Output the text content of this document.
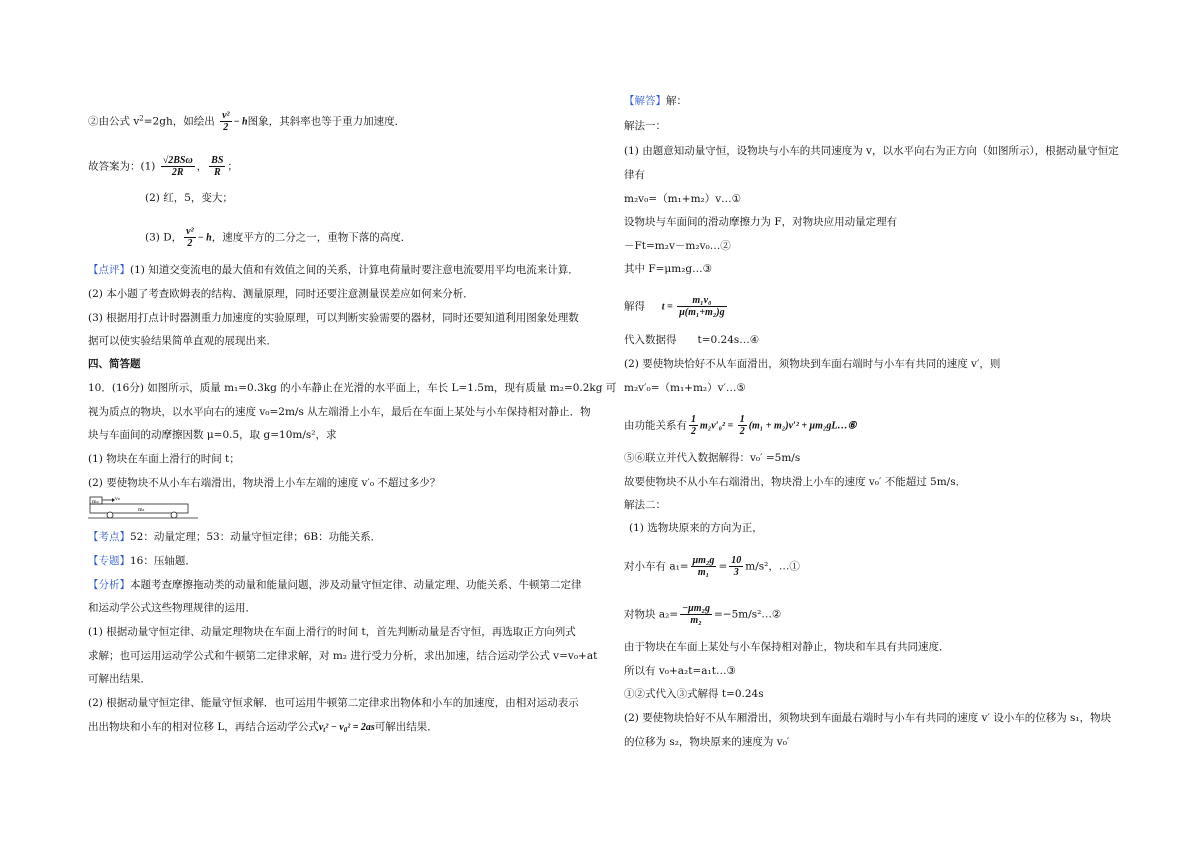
②由公式 $v^2=2gh$，如绘出 $\frac{\text{v²}}{2} - h$图象，其斜率也等于重力加速度．
故答案为：(1) √2BSω
2R	， $\frac{BS}{R}$ ；
(2) 红，5，变大；
(3) D， $\frac{\text{v²}}{2} - h$，速度平方的二分之一，重物下落的高度．
【点评】(1) 知道交变流电的最大值和有效值之间的关系，计算电荷量时要注意电流要用平均电流来计算．
(2) 本小题了考查欧姆表的结构、测量原理，同时还要注意测量误差应如何来分析．
(3) 根据用打点计时器测重力加速度的实验原理，可以判断实验需要的器材，同时还要知道利用图象处理数
据可以使实验结果简单直观的展现出来．
四、简答题
10．(16分) 如图所示，质量 m₁=0.3kg 的小车静止在光滑的水平面上，车长 L=1.5m，现有质量 m₂=0.2kg 可
视为质点的物块，以水平向右的速度 v₀=2m/s 从左端滑上小车，最后在车面上某处与小车保持相对静止．物
块与车面间的动摩擦因数 μ=0.5，取 g=10m/s²，求
(1) 物块在车面上滑行的时间 t；
(2) 要使物块不从小车右端滑出，物块滑上小车左端的速度 v′₀ 不超过多少？
m₂	v₀
m₁
【考点】52：动量定理；53：动量守恒定律；6B：功能关系．
【专题】16：压轴题．
【分析】本题考查摩擦拖动类的动量和能量问题，涉及动量守恒定律、动量定理、功能关系、牛顿第二定律
和运动学公式这些物理规律的运用．
(1) 根据动量守恒定律、动量定理物块在车面上滑行的时间 t，首先判断动量是否守恒，再选取正方向列式
求解；也可运用运动学公式和牛顿第二定律求解，对 m₂ 进行受力分析，求出加速，结合运动学公式 v=v₀+at
可解出结果．
(2) 根据动量守恒定律、能量守恒求解．也可运用牛顿第二定律求出物体和小车的加速度，由相对运动表示
出出物块和小车的相对位移 L，再结合运动学公式$v_t^2 - v_0^2 = 2as$可解出结果．
【解答】解：
解法一：
(1) 由题意知动量守恒，设物块与小车的共同速度为 v，以水平向右为正方向（如图所示），根据动量守恒定
律有
m₂v₀=（m₁+m₂）v…①
设物块与车面间的滑动摩擦力为 F，对物块应用动量定理有
－Ft=m₂v－m₂v₀…②
其中 F=μm₂g…③
解得 $t = \frac{\text{m₁v₀}}{\text{μ(m₁+m₂)g}}$
代入数据得　　t=0.24s…④
(2) 要使物块恰好不从车面滑出，须物块到车面右端时与小车有共同的速度 v′，则
m₂v′₀=（m₁+m₂）v′…⑤
由功能关系有 $\frac{1}{2} m_2v'_0^2 = \frac{1}{2} (m_1 + m_2)v'^2$ + μm₂gL…⑥
⑤⑥联立并代入数据解得：v₀′ =5m/s
故要使物块不从小车右端滑出，物块滑上小车的速度 v₀′ 不能超过 5m/s．
解法二：
(1) 选物块原来的方向为正，
对小车有 $a_1= \frac{\text{μm₂g}}{\text{m₁}} = \frac{10}{3} m/s^2$，…①
对物块 $a_2= \frac{\text{−μm₂g}}{\text{m₂}}$ =−5m/s²…②
由于物块在车面上某处与小车保持相对静止，物块和车具有共同速度．
所以有 v₀+a₂t=a₁t…③
①②式代入③式解得 t=0.24s
(2) 要使物块恰好不从车厢滑出，须物块到车面最右端时与小车有共同的速度 v′ 设小车的位移为 s₁，物块
的位移为 s₂，物块原来的速度为 v₀′
